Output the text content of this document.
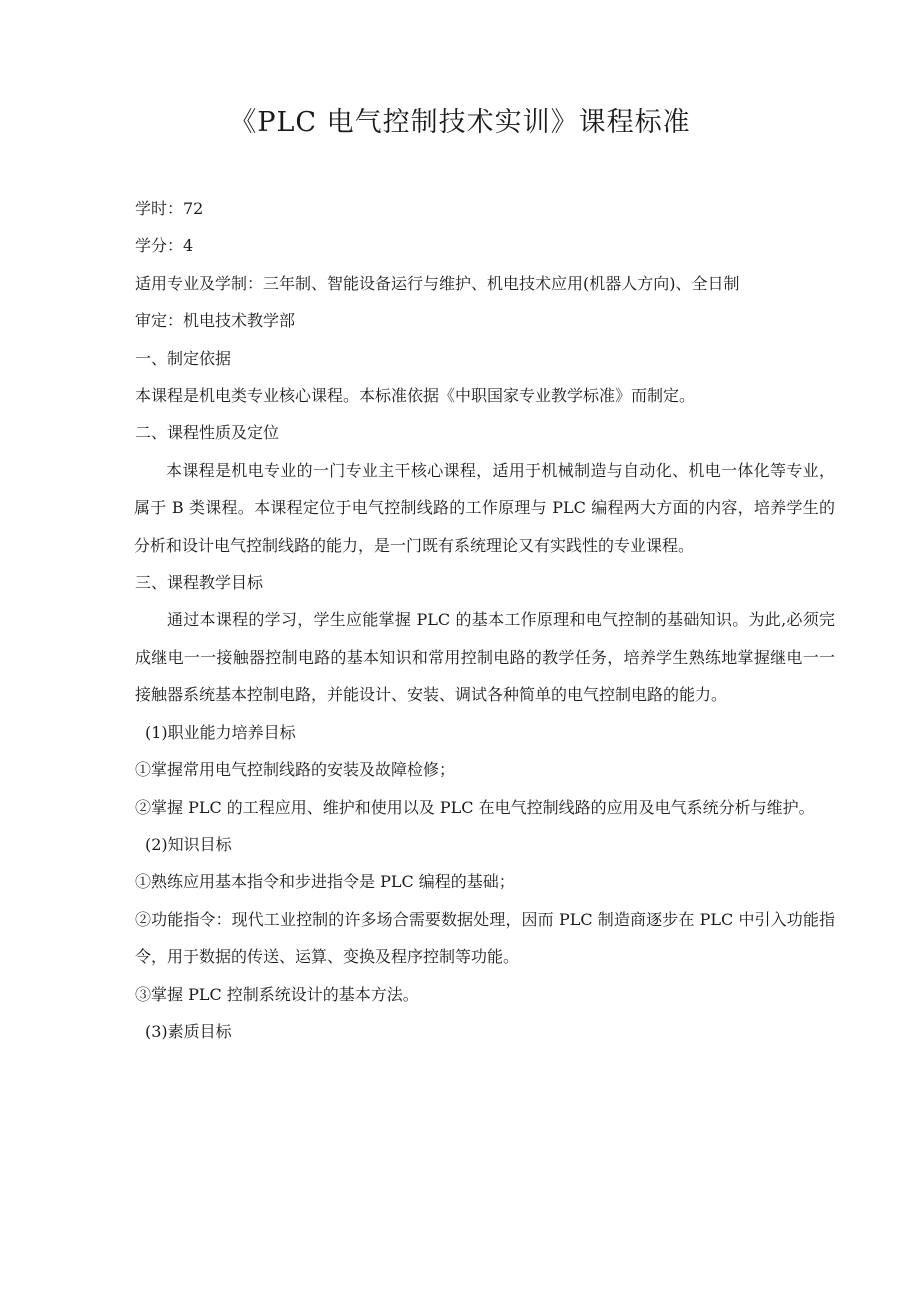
《PLC 电气控制技术实训》课程标准

学时：72

学分：4

适用专业及学制：三年制、智能设备运行与维护、机电技术应用(机器人方向)、全日制

审定：机电技术教学部

一、制定依据

本课程是机电类专业核心课程。本标准依据《中职国家专业教学标准》而制定。

二、课程性质及定位

本课程是机电专业的一门专业主干核心课程，适用于机械制造与自动化、机电一体化等专业，属于 B 类课程。本课程定位于电气控制线路的工作原理与 PLC 编程两大方面的内容，培养学生的分析和设计电气控制线路的能力，是一门既有系统理论又有实践性的专业课程。

三、课程教学目标

通过本课程的学习，学生应能掌握 PLC 的基本工作原理和电气控制的基础知识。为此,必须完成继电一一接触器控制电路的基本知识和常用控制电路的教学任务，培养学生熟练地掌握继电一一接触器系统基本控制电路，并能设计、安装、调试各种简单的电气控制电路的能力。

(1)职业能力培养目标

①掌握常用电气控制线路的安装及故障检修；

②掌握 PLC 的工程应用、维护和使用以及 PLC 在电气控制线路的应用及电气系统分析与维护。

(2)知识目标

①熟练应用基本指令和步进指令是 PLC 编程的基础；

②功能指令：现代工业控制的许多场合需要数据处理，因而 PLC 制造商逐步在 PLC 中引入功能指令，用于数据的传送、运算、变换及程序控制等功能。

③掌握 PLC 控制系统设计的基本方法。

(3)素质目标
